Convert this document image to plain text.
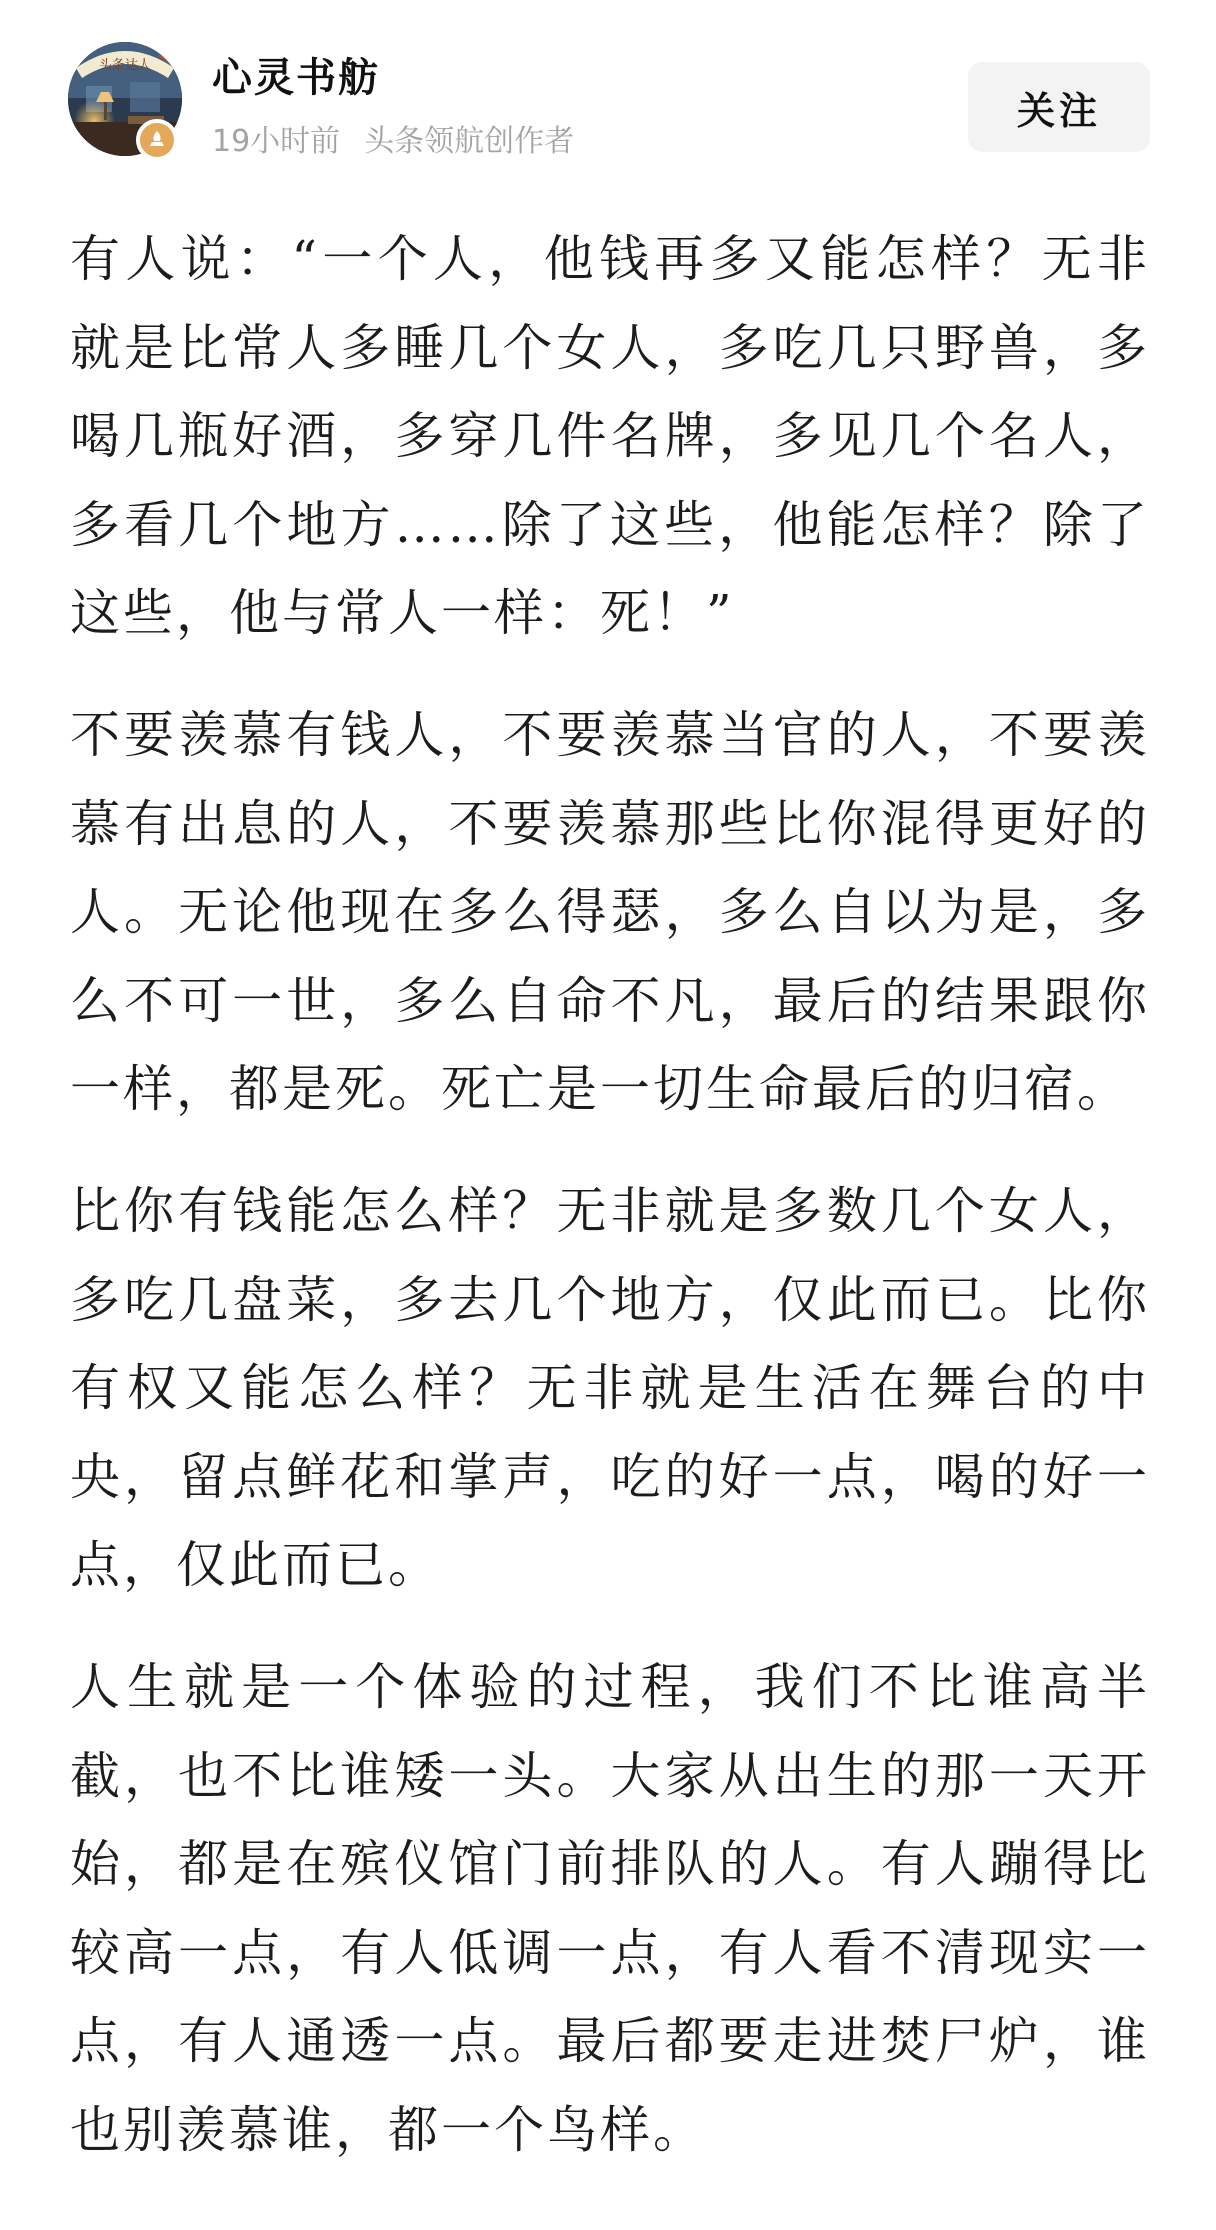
头条达人 心灵书舫
19小时前 头条领航创作者
关注

有人说：“一个人，他钱再多又能怎样？无非就是比常人多睡几个女人，多吃几只野兽，多喝几瓶好酒，多穿几件名牌，多见几个名人，多看几个地方……除了这些，他能怎样？除了这些，他与常人一样：死！”

不要羡慕有钱人，不要羡慕当官的人，不要羡慕有出息的人，不要羡慕那些比你混得更好的人。无论他现在多么得瑟，多么自以为是，多么不可一世，多么自命不凡，最后的结果跟你一样，都是死。死亡是一切生命最后的归宿。

比你有钱能怎么样？无非就是多数几个女人，多吃几盘菜，多去几个地方，仅此而已。比你有权又能怎么样？无非就是生活在舞台的中央，留点鲜花和掌声，吃的好一点，喝的好一点，仅此而已。

人生就是一个体验的过程，我们不比谁高半截，也不比谁矮一头。大家从出生的那一天开始，都是在殡仪馆门前排队的人。有人蹦得比较高一点，有人低调一点，有人看不清现实一点，有人通透一点。最后都要走进焚尸炉，谁也别羡慕谁，都一个鸟样。
